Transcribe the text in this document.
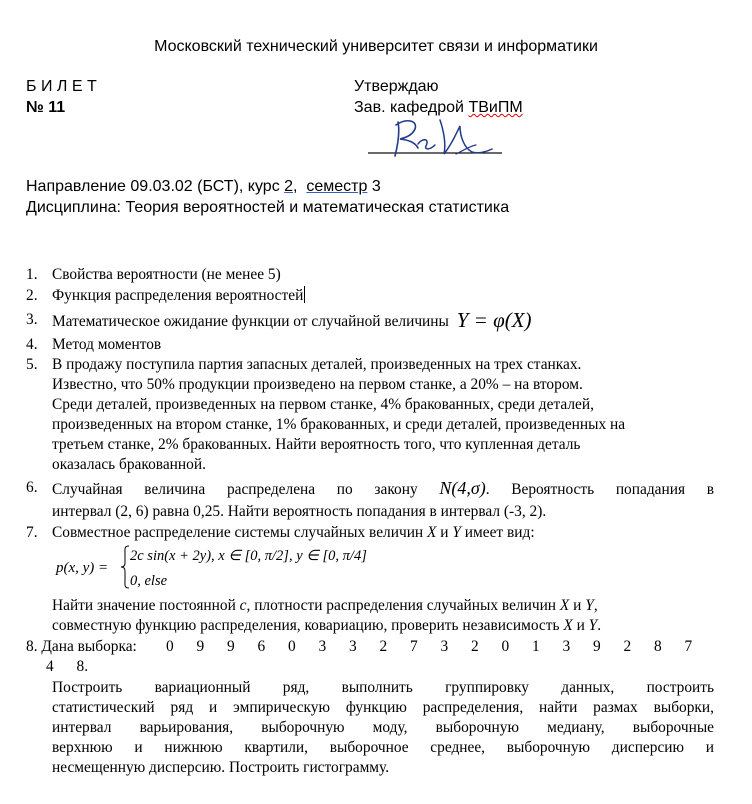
Московский технический университет связи и информатики
Б И Л Е Т
№ 11
Утверждаю
Зав. кафедрой ТВиПМ
Направление 09.03.02 (БСТ), курс 2, семестр 3
Дисциплина: Теория вероятностей и математическая статистика
1. Свойства вероятности (не менее 5)
2. Функция распределения вероятностей
3. Математическое ожидание функции от случайной величины Y = φ(X)
4. Метод моментов
5. В продажу поступила партия запасных деталей, произведенных на трех станках.
Известно, что 50% продукции произведено на первом станке, а 20% – на втором.
Среди деталей, произведенных на первом станке, 4% бракованных, среди деталей,
произведенных на втором станке, 1% бракованных, и среди деталей, произведенных на
третьем станке, 2% бракованных. Найти вероятность того, что купленная деталь
оказалась бракованной.
6. Случайная величина распределена по закону N(4,σ). Вероятность попадания в
интервал (2, 6) равна 0,25. Найти вероятность попадания в интервал (-3, 2).
7. Совместное распределение системы случайных величин X и Y имеет вид:
p(x, y) =
2c sin(x + 2y), x ∈ [0, π/2], y ∈ [0, π/4]
0, else
Найти значение постоянной c, плотности распределения случайных величин X и Y,
совместную функцию распределения, ковариацию, проверить независимость X и Y.
8. Дана выборка: 0 9 9 6 0 3 3 2 7 3 2 0 1 3 9 2 8 7
4 8.
Построить вариационный ряд, выполнить группировку данных, построить
статистический ряд и эмпирическую функцию распределения, найти размах выборки,
интервал варьирования, выборочную моду, выборочную медиану, выборочные
верхнюю и нижнюю квартили, выборочное среднее, выборочную дисперсию и
несмещенную дисперсию. Построить гистограмму.
